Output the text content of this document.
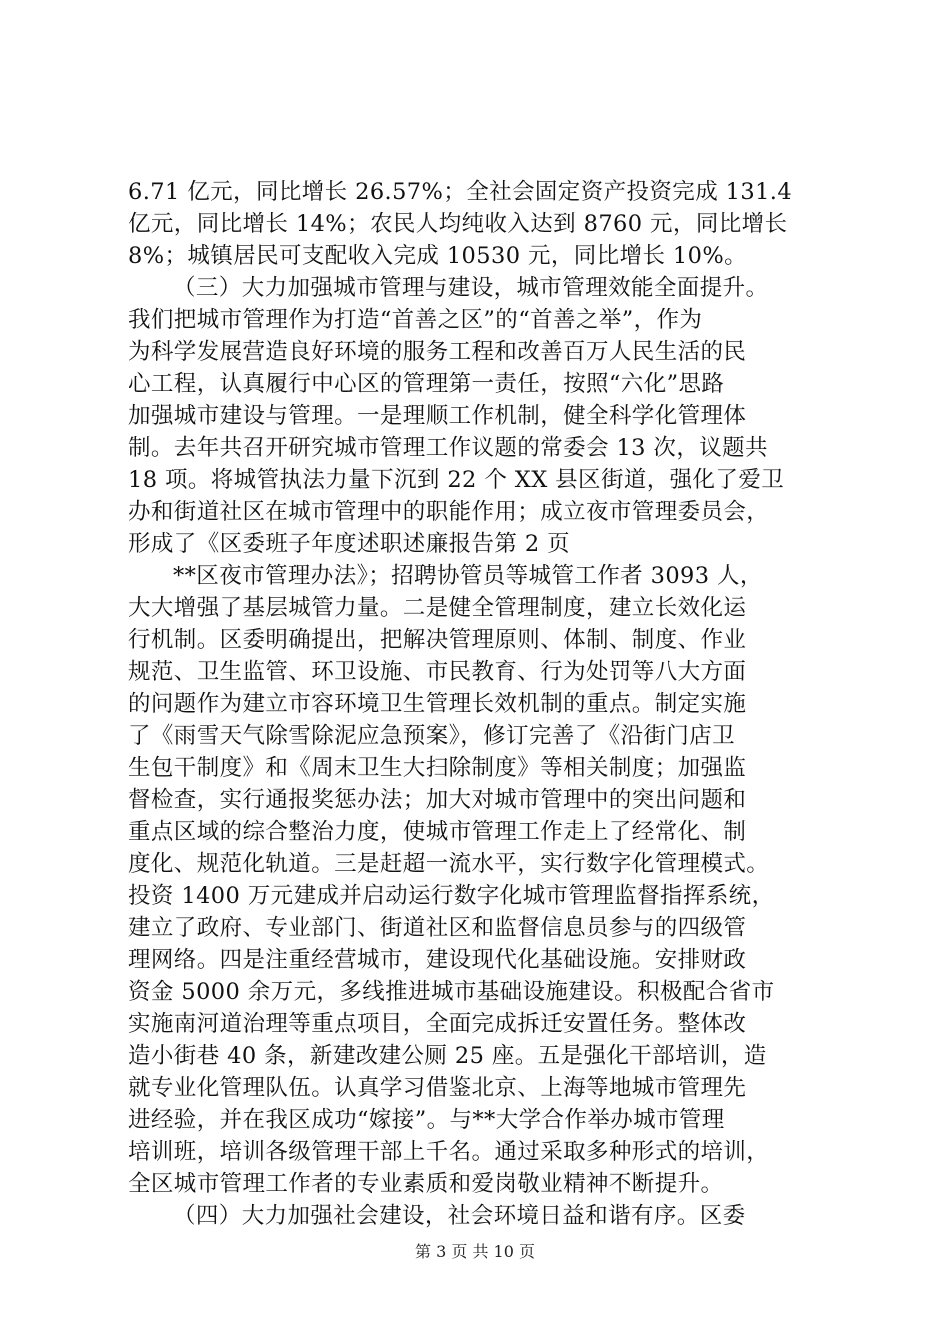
6.71 亿元，同比增长 26.57%；全社会固定资产投资完成 131.4
亿元，同比增长 14%；农民人均纯收入达到 8760 元，同比增长
8%；城镇居民可支配收入完成 10530 元，同比增长 10%。
（三）大力加强城市管理与建设，城市管理效能全面提升。
我们把城市管理作为打造“首善之区”的“首善之举”，作为
为科学发展营造良好环境的服务工程和改善百万人民生活的民
心工程，认真履行中心区的管理第一责任，按照“六化”思路
加强城市建设与管理。一是理顺工作机制，健全科学化管理体
制。去年共召开研究城市管理工作议题的常委会 13 次，议题共
18 项。将城管执法力量下沉到 22 个 XX 县区街道，强化了爱卫
办和街道社区在城市管理中的职能作用；成立夜市管理委员会，
形成了《区委班子年度述职述廉报告第 2 页
**区夜市管理办法》；招聘协管员等城管工作者 3093 人，
大大增强了基层城管力量。二是健全管理制度，建立长效化运
行机制。区委明确提出，把解决管理原则、体制、制度、作业
规范、卫生监管、环卫设施、市民教育、行为处罚等八大方面
的问题作为建立市容环境卫生管理长效机制的重点。制定实施
了《雨雪天气除雪除泥应急预案》，修订完善了《沿街门店卫
生包干制度》和《周末卫生大扫除制度》等相关制度；加强监
督检查，实行通报奖惩办法；加大对城市管理中的突出问题和
重点区域的综合整治力度，使城市管理工作走上了经常化、制
度化、规范化轨道。三是赶超一流水平，实行数字化管理模式。
投资 1400 万元建成并启动运行数字化城市管理监督指挥系统，
建立了政府、专业部门、街道社区和监督信息员参与的四级管
理网络。四是注重经营城市，建设现代化基础设施。安排财政
资金 5000 余万元，多线推进城市基础设施建设。积极配合省市
实施南河道治理等重点项目，全面完成拆迁安置任务。整体改
造小街巷 40 条，新建改建公厕 25 座。五是强化干部培训，造
就专业化管理队伍。认真学习借鉴北京、上海等地城市管理先
进经验，并在我区成功“嫁接”。与**大学合作举办城市管理
培训班，培训各级管理干部上千名。通过采取多种形式的培训，
全区城市管理工作者的专业素质和爱岗敬业精神不断提升。
（四）大力加强社会建设，社会环境日益和谐有序。区委
第 3 页 共 10 页
